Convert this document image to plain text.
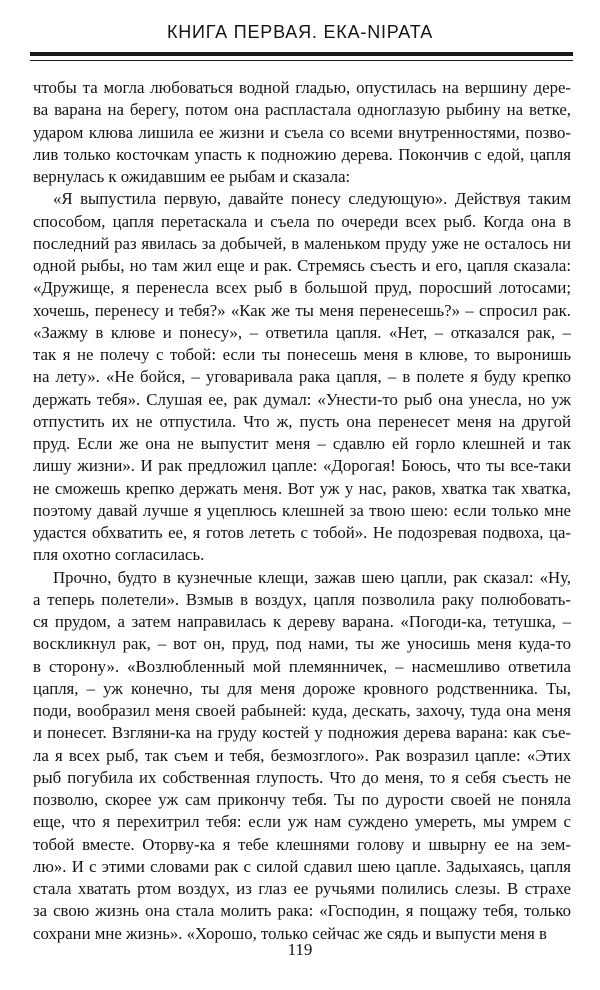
КНИГА ПЕРВАЯ. ЕКА-NIPATA
чтобы та могла любоваться водной гладью, опустилась на вершину дере-
ва варана на берегу, потом она распластала одноглазую рыбину на ветке,
ударом клюва лишила ее жизни и съела со всеми внутренностями, позво-
лив только косточкам упасть к подножию дерева. Покончив с едой, цапля
вернулась к ожидавшим ее рыбам и сказала:
«Я выпустила первую, давайте понесу следующую». Действуя таким
способом, цапля перетаскала и съела по очереди всех рыб. Когда она в
последний раз явилась за добычей, в маленьком пруду уже не осталось ни
одной рыбы, но там жил еще и рак. Стремясь съесть и его, цапля сказала:
«Дружище, я перенесла всех рыб в большой пруд, поросший лотосами;
хочешь, перенесу и тебя?» «Как же ты меня перенесешь?» – спросил рак.
«Зажму в клюве и понесу», – ответила цапля. «Нет, – отказался рак, –
так я не полечу с тобой: если ты понесешь меня в клюве, то выронишь
на лету». «Не бойся, – уговаривала рака цапля, – в полете я буду крепко
держать тебя». Слушая ее, рак думал: «Унести-то рыб она унесла, но уж
отпустить их не отпустила. Что ж, пусть она перенесет меня на другой
пруд. Если же она не выпустит меня – сдавлю ей горло клешней и так
лишу жизни». И рак предложил цапле: «Дорогая! Боюсь, что ты все-таки
не сможешь крепко держать меня. Вот уж у нас, раков, хватка так хватка,
поэтому давай лучше я уцеплюсь клешней за твою шею: если только мне
удастся обхватить ее, я готов лететь с тобой». Не подозревая подвоха, ца-
пля охотно согласилась.
Прочно, будто в кузнечные клещи, зажав шею цапли, рак сказал: «Ну,
а теперь полетели». Взмыв в воздух, цапля позволила раку полюбовать-
ся прудом, а затем направилась к дереву варана. «Погоди-ка, тетушка, –
воскликнул рак, – вот он, пруд, под нами, ты же уносишь меня куда-то
в сторону». «Возлюбленный мой племянничек, – насмешливо ответила
цапля, – уж конечно, ты для меня дороже кровного родственника. Ты,
поди, вообразил меня своей рабыней: куда, дескать, захочу, туда она меня
и понесет. Взгляни-ка на груду костей у подножия дерева варана: как съе-
ла я всех рыб, так съем и тебя, безмозглого». Рак возразил цапле: «Этих
рыб погубила их собственная глупость. Что до меня, то я себя съесть не
позволю, скорее уж сам прикончу тебя. Ты по дурости своей не поняла
еще, что я перехитрил тебя: если уж нам суждено умереть, мы умрем с
тобой вместе. Оторву-ка я тебе клешнями голову и швырну ее на зем-
лю». И с этими словами рак с силой сдавил шею цапле. Задыхаясь, цапля
стала хватать ртом воздух, из глаз ее ручьями полились слезы. В страхе
за свою жизнь она стала молить рака: «Господин, я пощажу тебя, только
сохрани мне жизнь». «Хорошо, только сейчас же сядь и выпусти меня в
119
